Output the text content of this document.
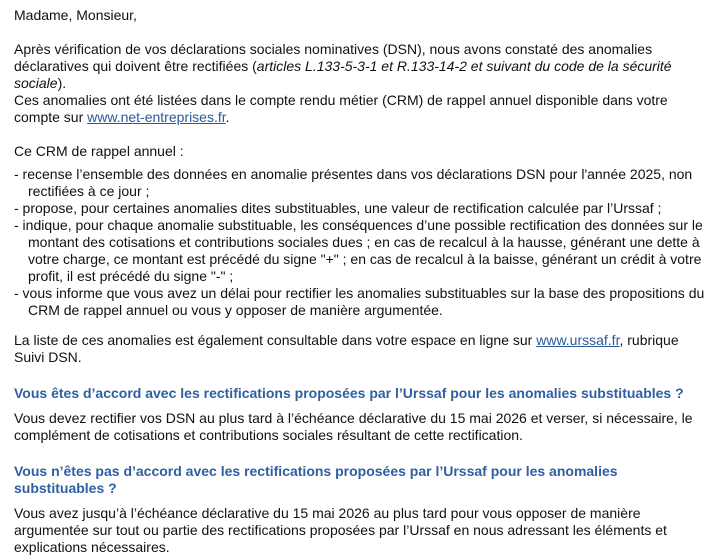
Madame, Monsieur,

Après vérification de vos déclarations sociales nominatives (DSN), nous avons constaté des anomalies déclaratives qui doivent être rectifiées (articles L.133-5-3-1 et R.133-14-2 et suivant du code de la sécurité sociale).
Ces anomalies ont été listées dans le compte rendu métier (CRM) de rappel annuel disponible dans votre compte sur www.net-entreprises.fr.

Ce CRM de rappel annuel :

- recense l’ensemble des données en anomalie présentes dans vos déclarations DSN pour l'année 2025, non rectifiées à ce jour ;

- propose, pour certaines anomalies dites substituables, une valeur de rectification calculée par l’Urssaf ;

- indique, pour chaque anomalie substituable, les conséquences d’une possible rectification des données sur le montant des cotisations et contributions sociales dues ; en cas de recalcul à la hausse, générant une dette à votre charge, ce montant est précédé du signe "+" ; en cas de recalcul à la baisse, générant un crédit à votre profit, il est précédé du signe "-" ;

- vous informe que vous avez un délai pour rectifier les anomalies substituables sur la base des propositions du CRM de rappel annuel ou vous y opposer de manière argumentée.

La liste de ces anomalies est également consultable dans votre espace en ligne sur www.urssaf.fr, rubrique Suivi DSN.

Vous êtes d’accord avec les rectifications proposées par l’Urssaf pour les anomalies substituables ?

Vous devez rectifier vos DSN au plus tard à l’échéance déclarative du 15 mai 2026 et verser, si nécessaire, le complément de cotisations et contributions sociales résultant de cette rectification.

Vous n’êtes pas d’accord avec les rectifications proposées par l’Urssaf pour les anomalies substituables ?

Vous avez jusqu’à l’échéance déclarative du 15 mai 2026 au plus tard pour vous opposer de manière argumentée sur tout ou partie des rectifications proposées par l’Urssaf en nous adressant les éléments et explications nécessaires.
